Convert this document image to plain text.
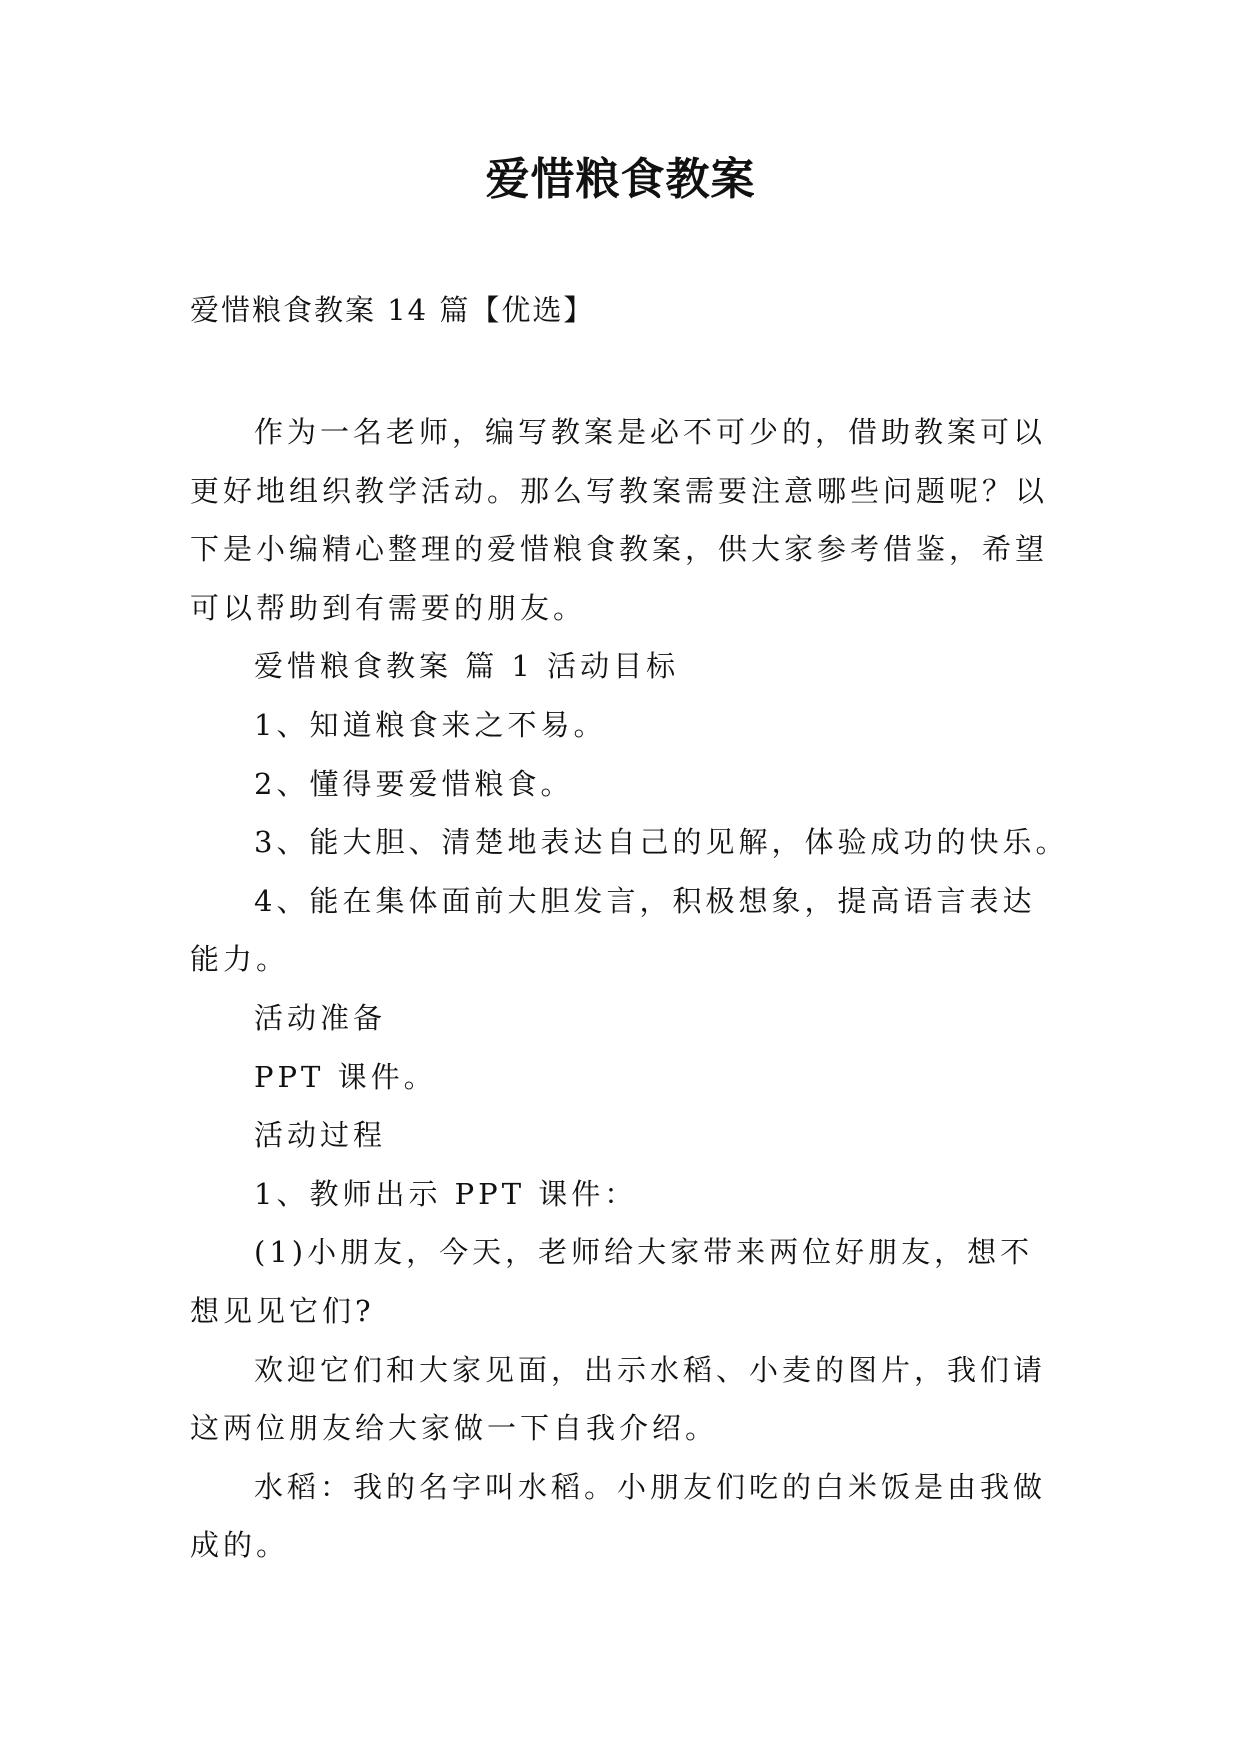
爱惜粮食教案

爱惜粮食教案 14 篇【优选】

作为一名老师，编写教案是必不可少的，借助教案可以

更好地组织教学活动。那么写教案需要注意哪些问题呢？以

下是小编精心整理的爱惜粮食教案，供大家参考借鉴，希望

可以帮助到有需要的朋友。

爱惜粮食教案 篇 1 活动目标

1、知道粮食来之不易。

2、懂得要爱惜粮食。

3、能大胆、清楚地表达自己的见解，体验成功的快乐。

4、能在集体面前大胆发言，积极想象，提高语言表达

能力。

活动准备

PPT 课件。

活动过程

1、教师出示 PPT 课件：

(1)小朋友，今天，老师给大家带来两位好朋友，想不

想见见它们?

欢迎它们和大家见面，出示水稻、小麦的图片，我们请

这两位朋友给大家做一下自我介绍。

水稻：我的名字叫水稻。小朋友们吃的白米饭是由我做

成的。
